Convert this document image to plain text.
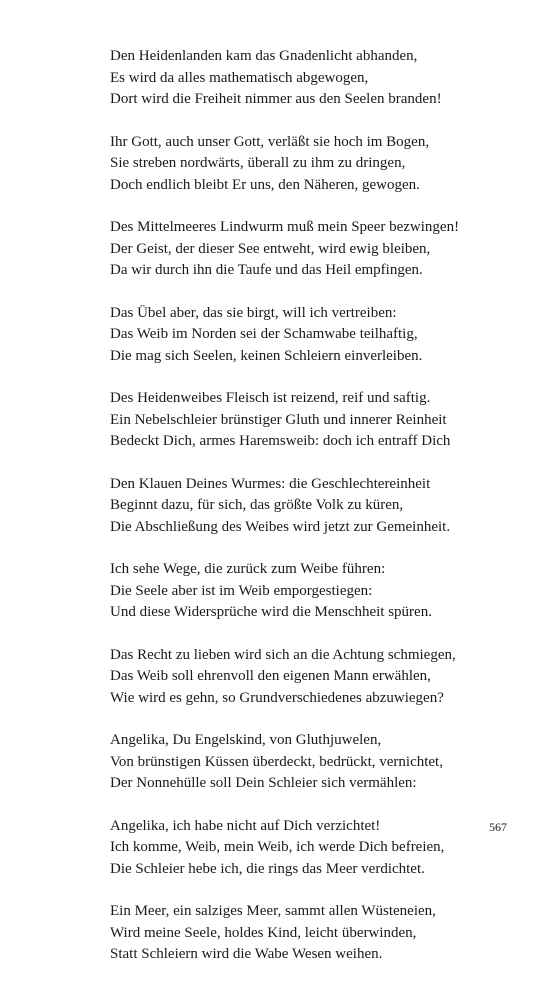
Den Heidenlanden kam das Gnadenlicht abhanden,
Es wird da alles mathematisch abgewogen,
Dort wird die Freiheit nimmer aus den Seelen branden!
Ihr Gott, auch unser Gott, verläßt sie hoch im Bogen,
Sie streben nordwärts, überall zu ihm zu dringen,
Doch endlich bleibt Er uns, den Näheren, gewogen.
Des Mittelmeeres Lindwurm muß mein Speer bezwingen!
Der Geist, der dieser See entweht, wird ewig bleiben,
Da wir durch ihn die Taufe und das Heil empfingen.
Das Übel aber, das sie birgt, will ich vertreiben:
Das Weib im Norden sei der Schamwabe teilhaftig,
Die mag sich Seelen, keinen Schleiern einverleiben.
Des Heidenweibes Fleisch ist reizend, reif und saftig.
Ein Nebelschleier brünstiger Gluth und innerer Reinheit
Bedeckt Dich, armes Haremsweib: doch ich entraff Dich
Den Klauen Deines Wurmes: die Geschlechtereinheit
Beginnt dazu, für sich, das größte Volk zu küren,
Die Abschließung des Weibes wird jetzt zur Gemeinheit.
Ich sehe Wege, die zurück zum Weibe führen:
Die Seele aber ist im Weib emporgestiegen:
Und diese Widersprüche wird die Menschheit spüren.
Das Recht zu lieben wird sich an die Achtung schmiegen,
Das Weib soll ehrenvoll den eigenen Mann erwählen,
Wie wird es gehn, so Grundverschiedenes abzuwiegen?
Angelika, Du Engelskind, von Gluthjuwelen,
Von brünstigen Küssen überdeckt, bedrückt, vernichtet,
Der Nonnehülle soll Dein Schleier sich vermählen:
Angelika, ich habe nicht auf Dich verzichtet!
Ich komme, Weib, mein Weib, ich werde Dich befreien,
Die Schleier hebe ich, die rings das Meer verdichtet.
Ein Meer, ein salziges Meer, sammt allen Wüsteneien,
Wird meine Seele, holdes Kind, leicht überwinden,
Statt Schleiern wird die Wabe Wesen weihen.
567
